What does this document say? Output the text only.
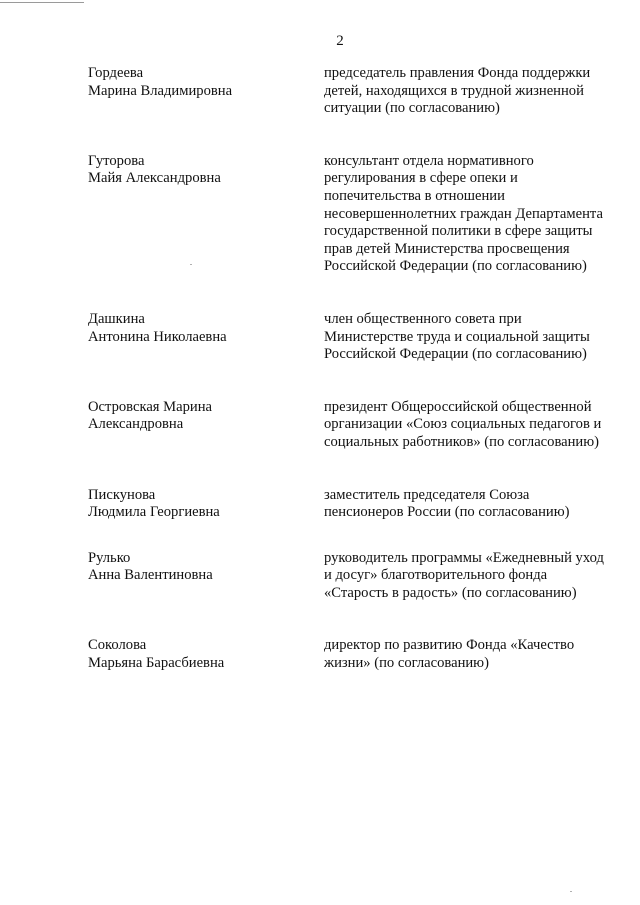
2
Гордеева
Марина Владимировна
председатель правления Фонда поддержки детей, находящихся в трудной жизненной ситуации (по согласованию)
Гуторова
Майя Александровна
консультант отдела нормативного регулирования в сфере опеки и попечительства в отношении несовершеннолетних граждан Департамента государственной политики в сфере защиты прав детей Министерства просвещения Российской Федерации (по согласованию)
Дашкина
Антонина Николаевна
член общественного совета при Министерстве труда и социальной защиты Российской Федерации (по согласованию)
Островская Марина
Александровна
президент Общероссийской общественной организации «Союз социальных педагогов и социальных работников» (по согласованию)
Пискунова
Людмила Георгиевна
заместитель председателя Союза пенсионеров России (по согласованию)
Рулько
Анна Валентиновна
руководитель программы «Ежедневный уход и досуг» благотворительного фонда «Старость в радость» (по согласованию)
Соколова
Марьяна Барасбиевна
директор по развитию Фонда «Качество жизни» (по согласованию)
